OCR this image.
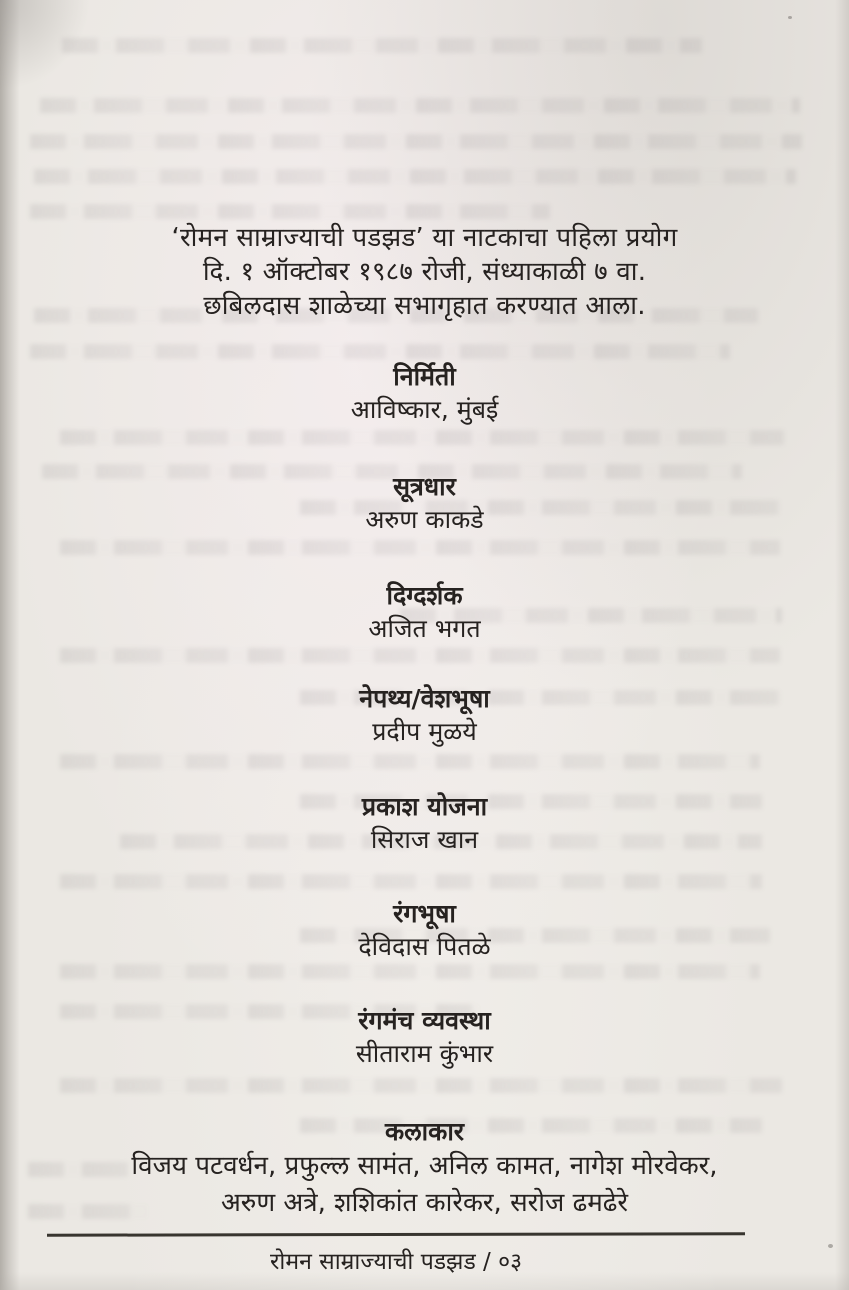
‘रोमन साम्राज्याची पडझड’ या नाटकाचा पहिला प्रयोग
दि. १ ऑक्टोबर १९८७ रोजी, संध्याकाळी ७ वा.
छबिलदास शाळेच्या सभागृहात करण्यात आला.
निर्मिती
आविष्कार, मुंबई
सूत्रधार
अरुण काकडे
दिग्दर्शक
अजित भगत
नेपथ्य/वेशभूषा
प्रदीप मुळये
प्रकाश योजना
सिराज खान
रंगभूषा
देविदास पितळे
रंगमंच व्यवस्था
सीताराम कुंभार
कलाकार
विजय पटवर्धन, प्रफुल्ल सामंत, अनिल कामत, नागेश मोरवेकर,
अरुण अत्रे, शशिकांत कारेकर, सरोज ढमढेरे
रोमन साम्राज्याची पडझड / ०३
